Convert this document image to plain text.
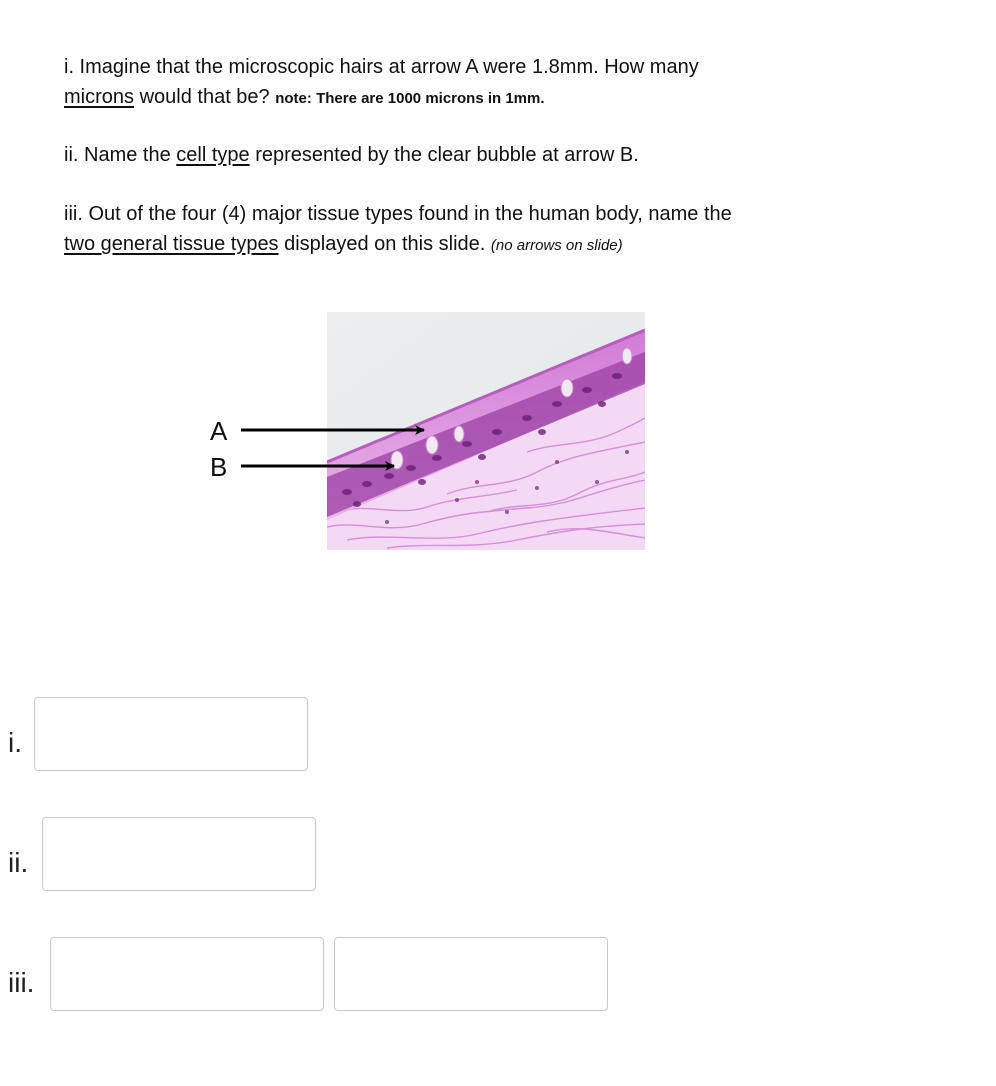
i. Imagine that the microscopic hairs at arrow A were 1.8mm. How many
microns would that be? note: There are 1000 microns in 1mm.
ii. Name the cell type represented by the clear bubble at arrow B.
iii. Out of the four (4) major tissue types found in the human body, name the
two general tissue types displayed on this slide. (no arrows on slide)
A
B
i.
ii.
iii.
